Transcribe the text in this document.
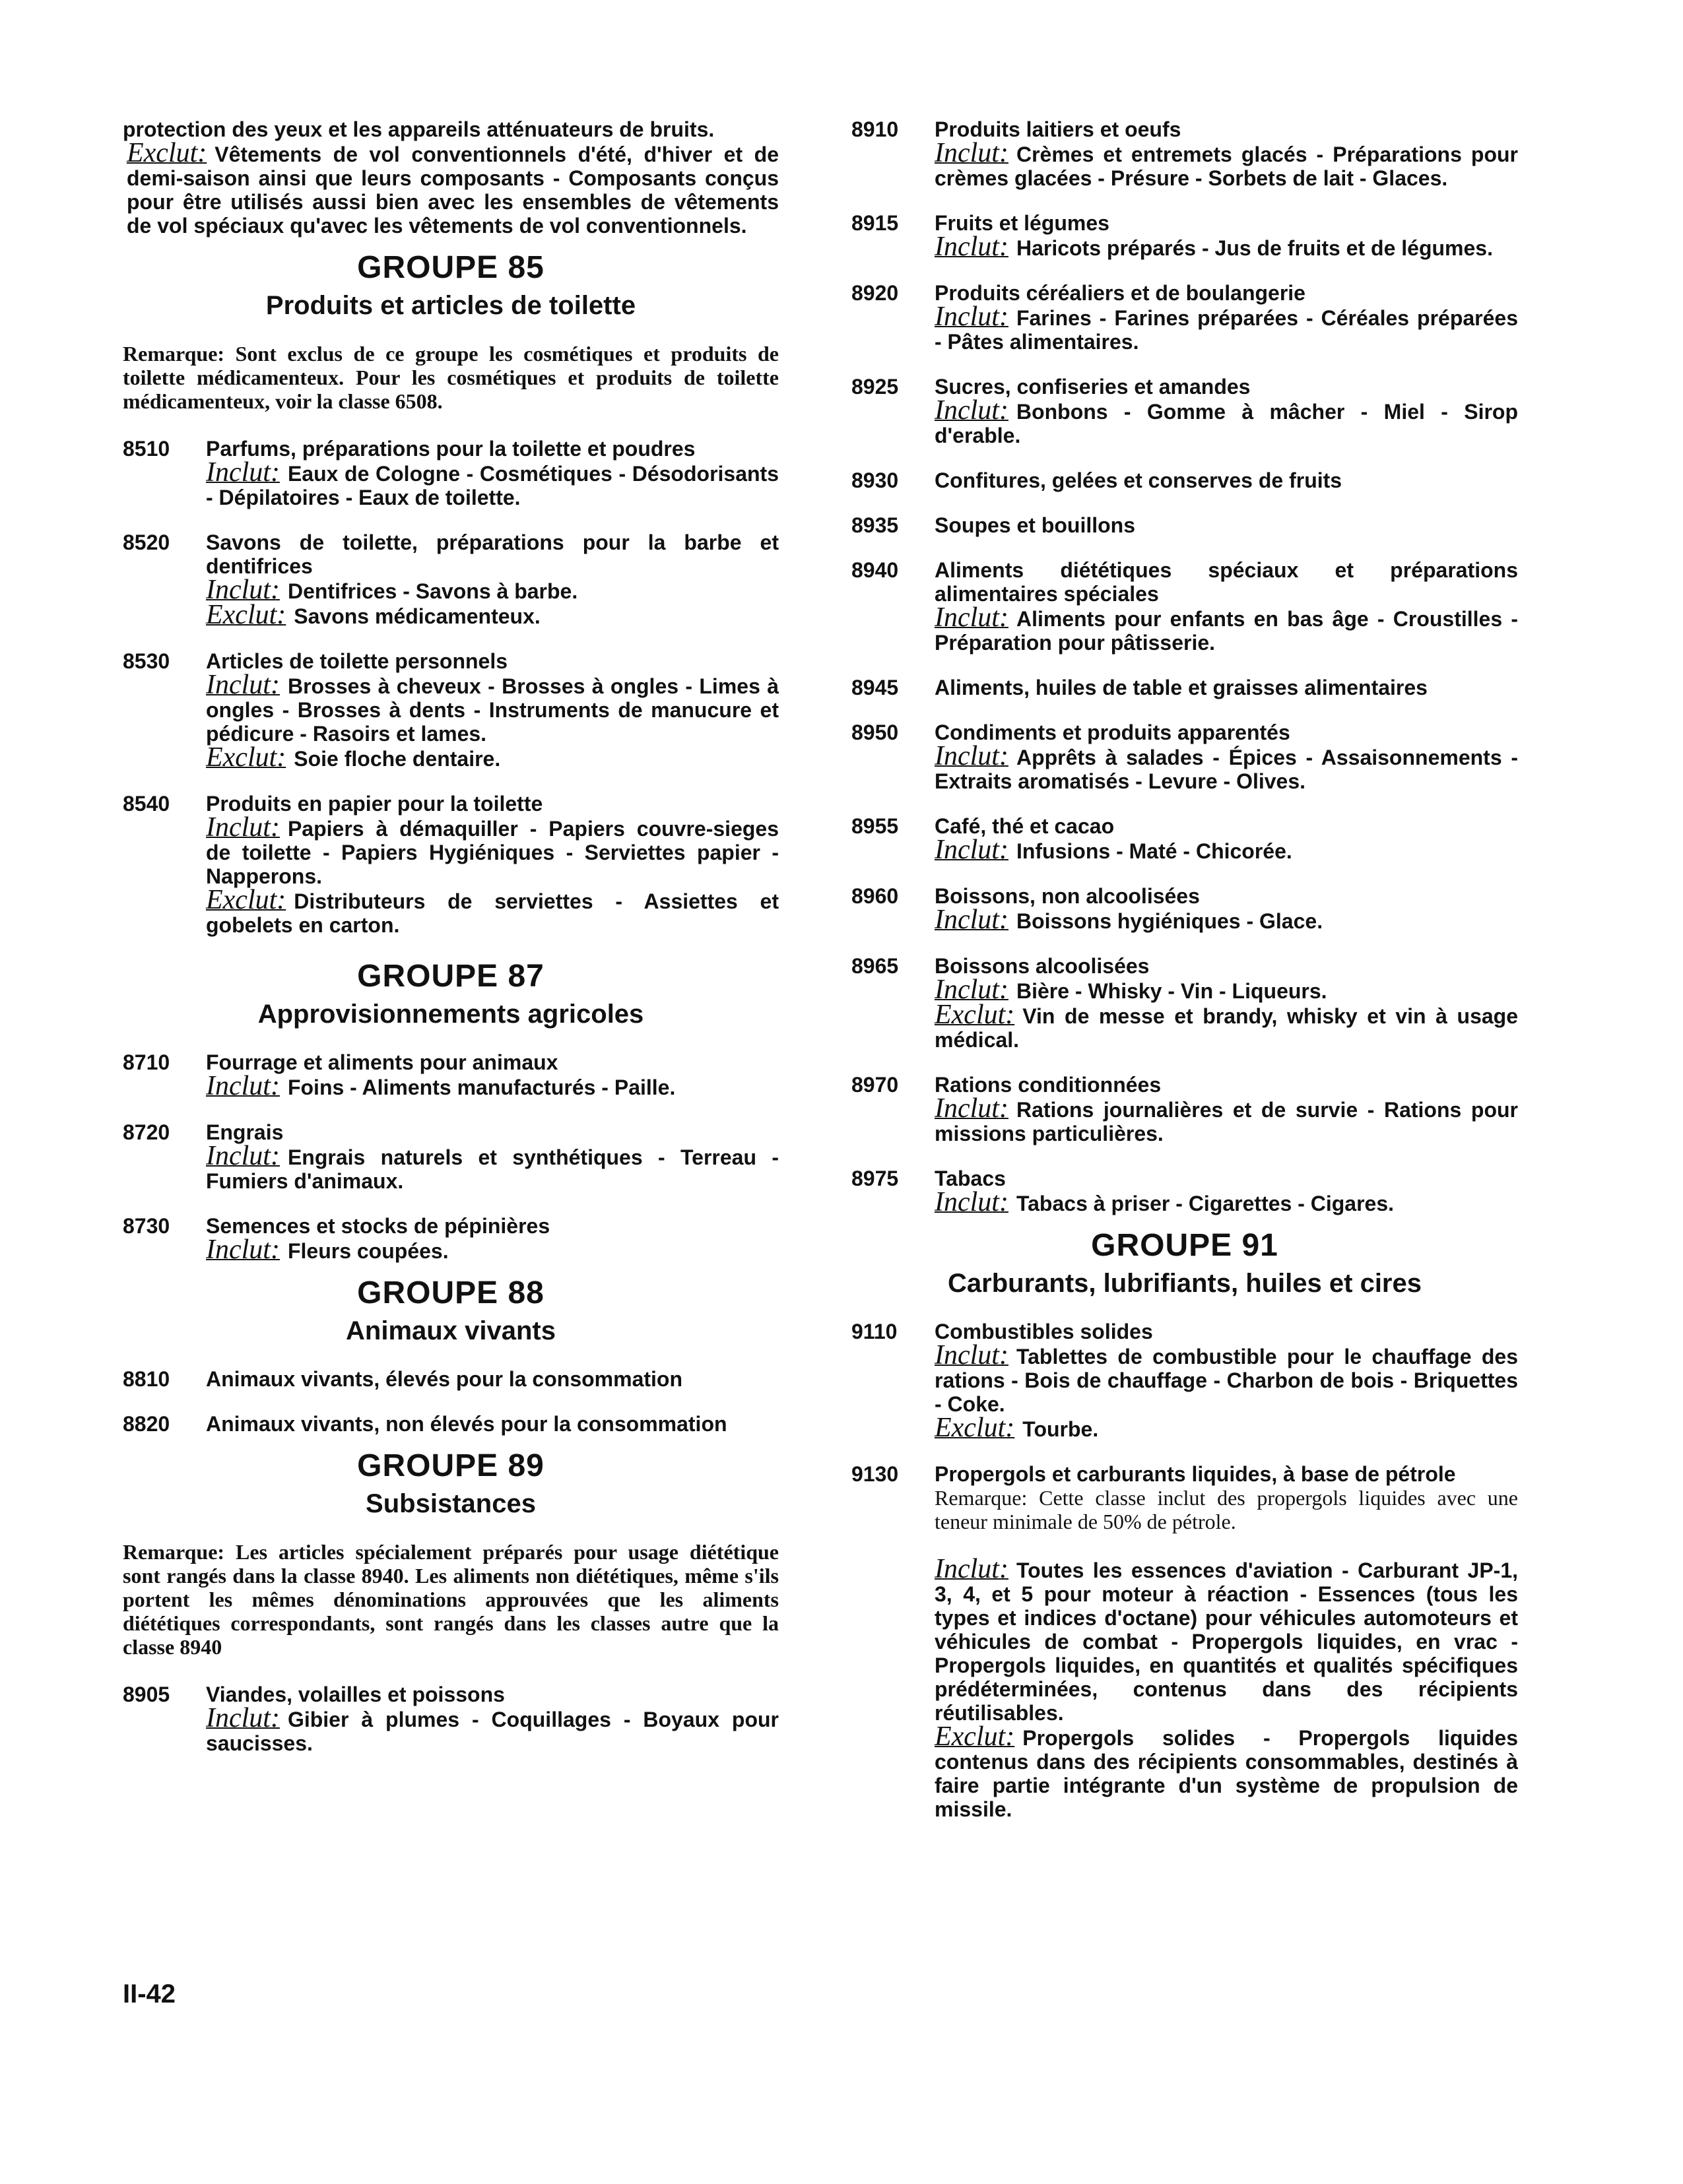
protection des yeux et les appareils atténuateurs de bruits.
Exclut: Vêtements de vol conventionnels d'été, d'hiver et de demi-saison ainsi que leurs composants - Composants conçus pour être utilisés aussi bien avec les ensembles de vêtements de vol spéciaux qu'avec les vêtements de vol conventionnels.
GROUPE 85
Produits et articles de toilette
Remarque: Sont exclus de ce groupe les cosmétiques et produits de toilette médicamenteux. Pour les cosmétiques et produits de toilette médicamenteux, voir la classe 6508.
8510	Parfums, préparations pour la toilette et poudres
Inclut: Eaux de Cologne - Cosmétiques - Désodorisants - Dépilatoires - Eaux de toilette.
8520	Savons de toilette, préparations pour la barbe et dentifrices
Inclut: Dentifrices - Savons à barbe.
Exclut: Savons médicamenteux.
8530	Articles de toilette personnels
Inclut: Brosses à cheveux - Brosses à ongles - Limes à ongles - Brosses à dents - Instruments de manucure et pédicure - Rasoirs et lames.
Exclut: Soie floche dentaire.
8540	Produits en papier pour la toilette
Inclut: Papiers à démaquiller - Papiers couvre-sieges de toilette - Papiers Hygiéniques - Serviettes papier - Napperons.
Exclut: Distributeurs de serviettes - Assiettes et gobelets en carton.
GROUPE 87
Approvisionnements agricoles
8710	Fourrage et aliments pour animaux
Inclut: Foins - Aliments manufacturés - Paille.
8720	Engrais
Inclut: Engrais naturels et synthétiques - Terreau - Fumiers d'animaux.
8730	Semences et stocks de pépinières
Inclut: Fleurs coupées.
GROUPE 88
Animaux vivants
8810	Animaux vivants, élevés pour la consommation
8820	Animaux vivants, non élevés pour la consommation
GROUPE 89
Subsistances
Remarque: Les articles spécialement préparés pour usage diététique sont rangés dans la classe 8940. Les aliments non diététiques, même s'ils portent les mêmes dénominations approuvées que les aliments diététiques correspondants, sont rangés dans les classes autre que la classe 8940
8905	Viandes, volailles et poissons
Inclut: Gibier à plumes - Coquillages - Boyaux pour saucisses.
8910	Produits laitiers et oeufs
Inclut: Crèmes et entremets glacés - Préparations pour crèmes glacées - Présure - Sorbets de lait - Glaces.
8915	Fruits et légumes
Inclut: Haricots préparés - Jus de fruits et de légumes.
8920	Produits céréaliers et de boulangerie
Inclut: Farines - Farines préparées - Céréales préparées - Pâtes alimentaires.
8925	Sucres, confiseries et amandes
Inclut: Bonbons - Gomme à mâcher - Miel - Sirop d'erable.
8930	Confitures, gelées et conserves de fruits
8935	Soupes et bouillons
8940	Aliments diététiques spéciaux et préparations alimentaires spéciales
Inclut: Aliments pour enfants en bas âge - Croustilles - Préparation pour pâtisserie.
8945	Aliments, huiles de table et graisses alimentaires
8950	Condiments et produits apparentés
Inclut: Apprêts à salades - Épices - Assaisonnements - Extraits aromatisés - Levure - Olives.
8955	Café, thé et cacao
Inclut: Infusions - Maté - Chicorée.
8960	Boissons, non alcoolisées
Inclut: Boissons hygiéniques - Glace.
8965	Boissons alcoolisées
Inclut: Bière - Whisky - Vin - Liqueurs.
Exclut: Vin de messe et brandy, whisky et vin à usage médical.
8970	Rations conditionnées
Inclut: Rations journalières et de survie - Rations pour missions particulières.
8975	Tabacs
Inclut: Tabacs à priser - Cigarettes - Cigares.
GROUPE 91
Carburants, lubrifiants, huiles et cires
9110	Combustibles solides
Inclut: Tablettes de combustible pour le chauffage des rations - Bois de chauffage - Charbon de bois - Briquettes - Coke.
Exclut: Tourbe.
9130	Propergols et carburants liquides, à base de pétrole
Remarque: Cette classe inclut des propergols liquides avec une teneur minimale de 50% de pétrole.
Inclut: Toutes les essences d'aviation - Carburant JP-1, 3, 4, et 5 pour moteur à réaction - Essences (tous les types et indices d'octane) pour véhicules automoteurs et véhicules de combat - Propergols liquides, en vrac - Propergols liquides, en quantités et qualités spécifiques prédéterminées, contenus dans des récipients réutilisables.
Exclut: Propergols solides - Propergols liquides contenus dans des récipients consommables, destinés à faire partie intégrante d'un système de propulsion de missile.
II-42
